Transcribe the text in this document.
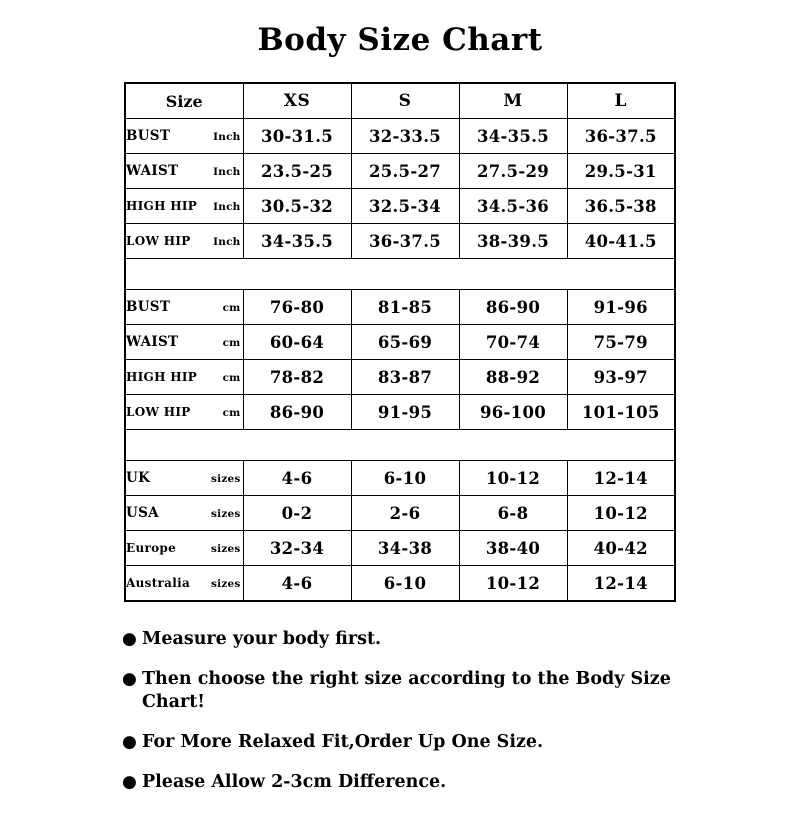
Body Size Chart
Size	XS	S	M	L

BUST Inch	30-31.5	32-33.5	34-35.5	36-37.5

WAIST Inch	23.5-25	25.5-27	27.5-29	29.5-31

HIGH HIP Inch	30.5-32	32.5-34	34.5-36	36.5-38

LOW HIP Inch	34-35.5	36-37.5	38-39.5	40-41.5

BUST cm	76-80	81-85	86-90	91-96

WAIST cm	60-64	65-69	70-74	75-79

HIGH HIP cm	78-82	83-87	88-92	93-97

LOW HIP cm	86-90	91-95	96-100	101-105

UK sizes	4-6	6-10	10-12	12-14

USA sizes	0-2	2-6	6-8	10-12

Europe sizes	32-34	34-38	38-40	40-42

Australia sizes	4-6	6-10	10-12	12-14
● Measure your body first.
● Then choose the right size according to the Body Size Chart!
● For More Relaxed Fit,Order Up One Size.
● Please Allow 2-3cm Difference.
